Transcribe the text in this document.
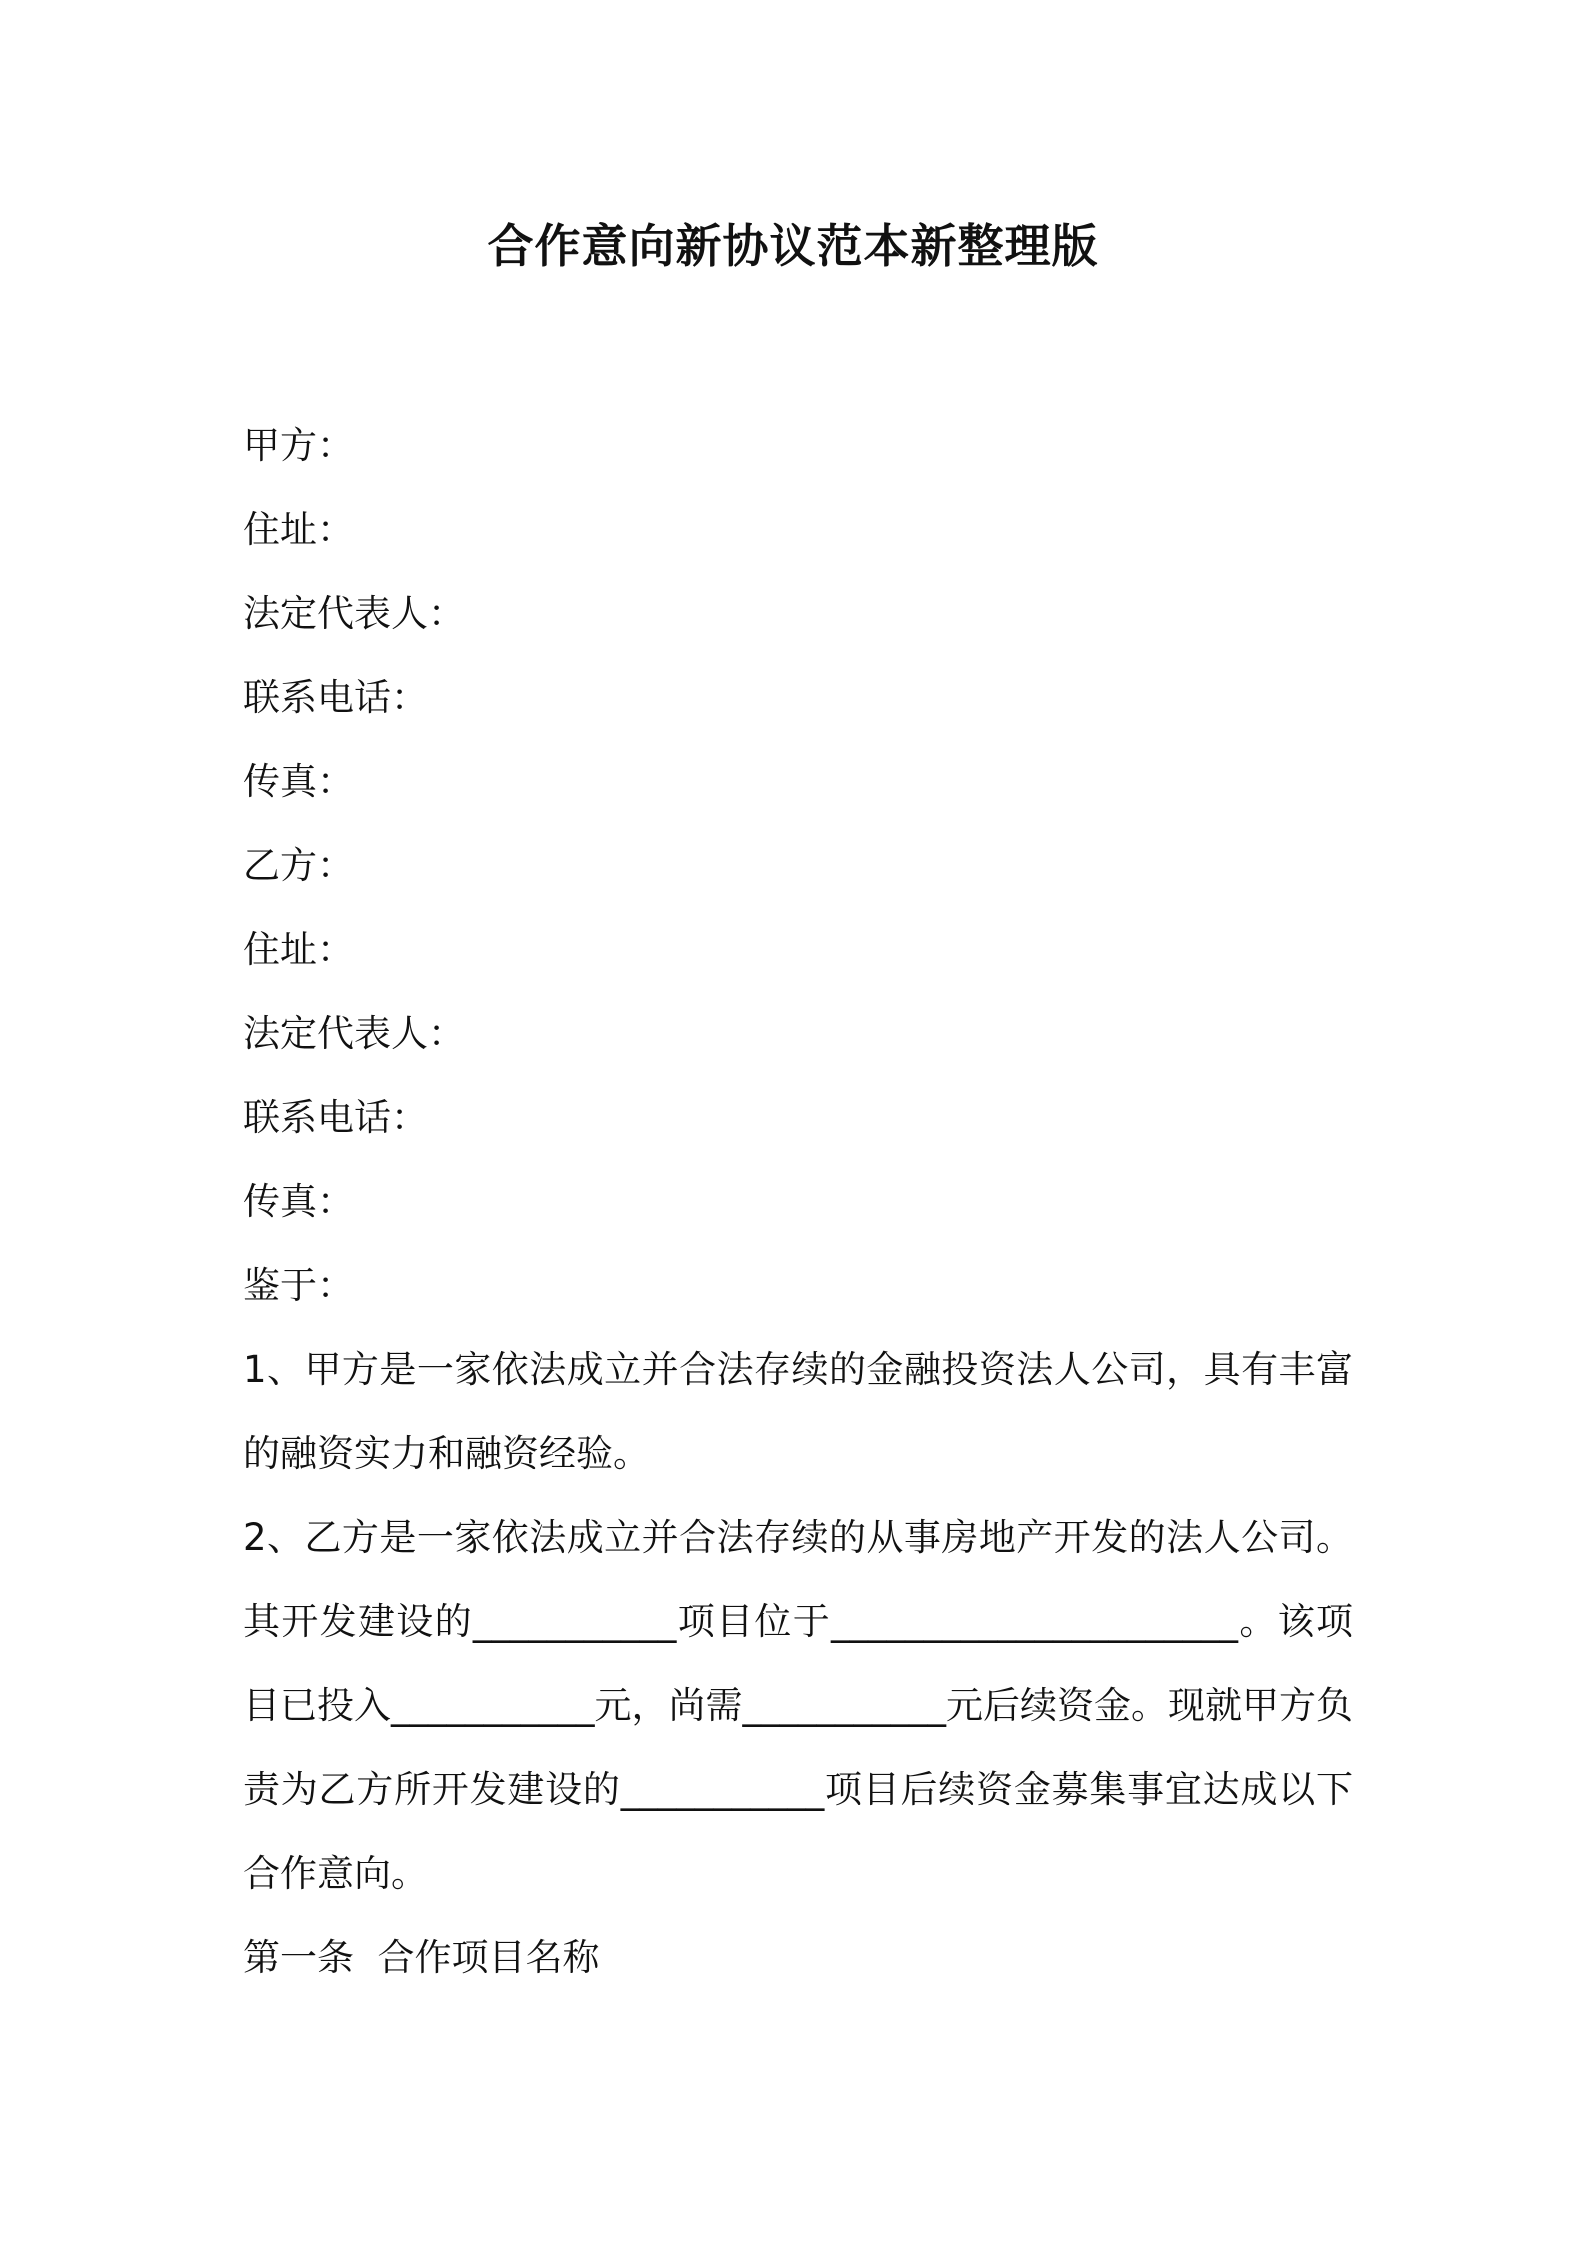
合作意向新协议范本新整理版

甲方：

住址：

法定代表人：

联系电话：

传真：

乙方：

住址：

法定代表人：

联系电话：

传真：

鉴于：

1、甲方是一家依法成立并合法存续的金融投资法人公司，具有丰富的融资实力和融资经验。

2、乙方是一家依法成立并合法存续的从事房地产开发的法人公司。其开发建设的___________项目位于______________________。该项目已投入___________元，尚需___________元后续资金。现就甲方负责为乙方所开发建设的___________项目后续资金募集事宜达成以下合作意向。

第一条  合作项目名称
